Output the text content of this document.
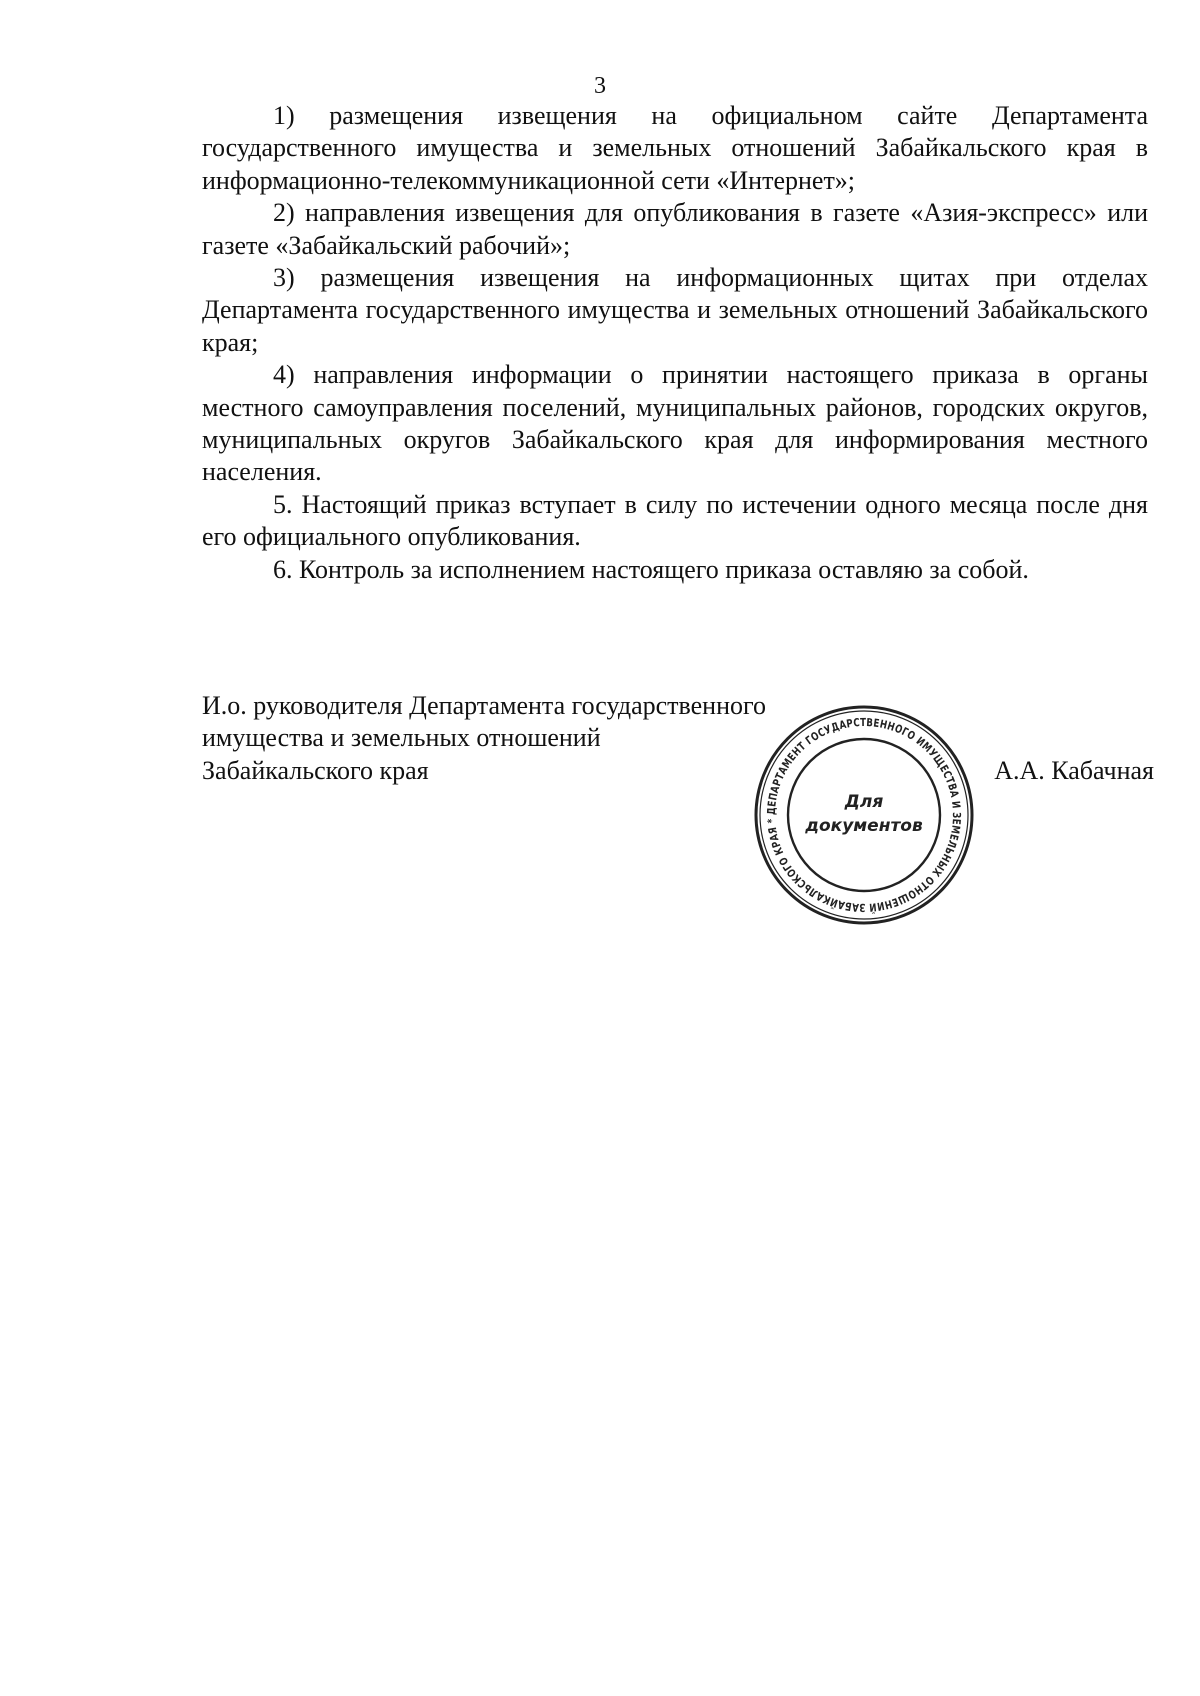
3

1) размещения извещения на официальном сайте Департамента государственного имущества и земельных отношений Забайкальского края в информационно-телекоммуникационной сети «Интернет»;

2) направления извещения для опубликования в газете «Азия-экспресс» или газете «Забайкальский рабочий»;

3) размещения извещения на информационных щитах при отделах Департамента государственного имущества и земельных отношений Забайкальского края;

4) направления информации о принятии настоящего приказа в органы местного самоуправления поселений, муниципальных районов, городских округов, муниципальных округов Забайкальского края для информирования местного населения.

5. Настоящий приказ вступает в силу по истечении одного месяца после дня его официального опубликования.

6. Контроль за исполнением настоящего приказа оставляю за собой.

И.о. руководителя Департамента государственного
имущества и земельных отношений
Забайкальского края	А.А. Кабачная
ДЕПАРТАМЕНТ ГОСУДАРСТВЕННОГО ИМУЩЕСТВА И ЗЕМЕЛЬНЫХ ОТНОШЕНИЙ ЗАБАЙКАЛЬСКОГО КРАЯ *
Для
документов
